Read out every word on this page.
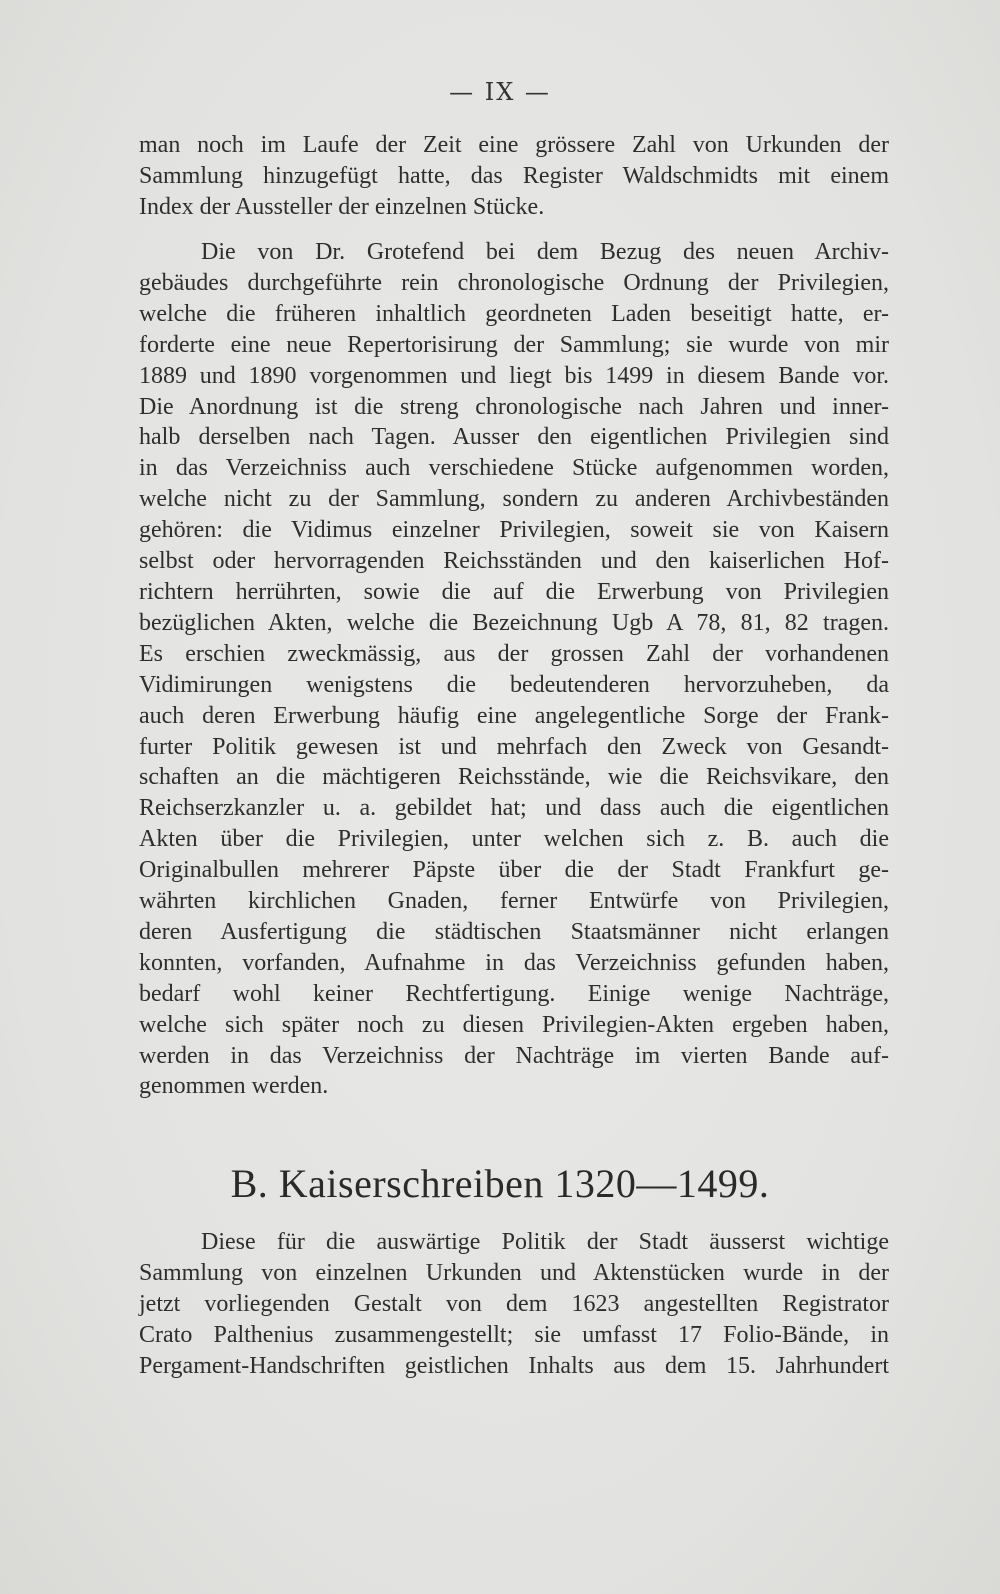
— IX —
man noch im Laufe der Zeit eine grössere Zahl von Urkunden der
Sammlung hinzugefügt hatte, das Register Waldschmidts mit einem
Index der Aussteller der einzelnen Stücke.
Die von Dr. Grotefend bei dem Bezug des neuen Archiv-
gebäudes durchgeführte rein chronologische Ordnung der Privilegien,
welche die früheren inhaltlich geordneten Laden beseitigt hatte, er-
forderte eine neue Repertorisirung der Sammlung; sie wurde von mir
1889 und 1890 vorgenommen und liegt bis 1499 in diesem Bande vor.
Die Anordnung ist die streng chronologische nach Jahren und inner-
halb derselben nach Tagen. Ausser den eigentlichen Privilegien sind
in das Verzeichniss auch verschiedene Stücke aufgenommen worden,
welche nicht zu der Sammlung, sondern zu anderen Archivbeständen
gehören: die Vidimus einzelner Privilegien, soweit sie von Kaisern
selbst oder hervorragenden Reichsständen und den kaiserlichen Hof-
richtern herrührten, sowie die auf die Erwerbung von Privilegien
bezüglichen Akten, welche die Bezeichnung Ugb A 78, 81, 82 tragen.
Es erschien zweckmässig, aus der grossen Zahl der vorhandenen
Vidimirungen wenigstens die bedeutenderen hervorzuheben, da
auch deren Erwerbung häufig eine angelegentliche Sorge der Frank-
furter Politik gewesen ist und mehrfach den Zweck von Gesandt-
schaften an die mächtigeren Reichsstände, wie die Reichsvikare, den
Reichserzkanzler u. a. gebildet hat; und dass auch die eigentlichen
Akten über die Privilegien, unter welchen sich z. B. auch die
Originalbullen mehrerer Päpste über die der Stadt Frankfurt ge-
währten kirchlichen Gnaden, ferner Entwürfe von Privilegien,
deren Ausfertigung die städtischen Staatsmänner nicht erlangen
konnten, vorfanden, Aufnahme in das Verzeichniss gefunden haben,
bedarf wohl keiner Rechtfertigung. Einige wenige Nachträge,
welche sich später noch zu diesen Privilegien-Akten ergeben haben,
werden in das Verzeichniss der Nachträge im vierten Bande auf-
genommen werden.
B. Kaiserschreiben 1320—1499.
Diese für die auswärtige Politik der Stadt äusserst wichtige
Sammlung von einzelnen Urkunden und Aktenstücken wurde in der
jetzt vorliegenden Gestalt von dem 1623 angestellten Registrator
Crato Palthenius zusammengestellt; sie umfasst 17 Folio-Bände, in
Pergament-Handschriften geistlichen Inhalts aus dem 15. Jahrhundert
